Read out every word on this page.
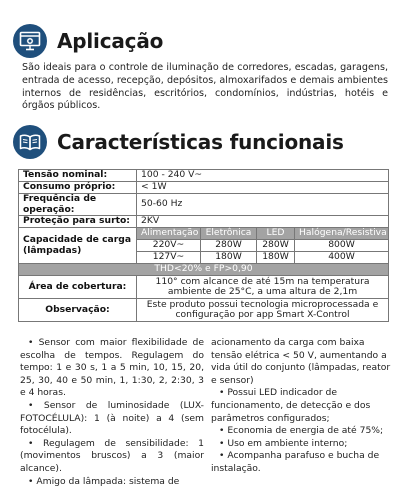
Aplicação

São ideais para o controle de iluminação de corredores, escadas, garagens, entrada de acesso, recepção, depósitos, almoxarifados e demais ambientes internos de residências, escritórios, condomínios, indústrias, hotéis e órgãos públicos.

Características funcionais
Tensão nominal:	100 - 240 V~			
Consumo próprio:	< 1W			
Frequência de operação:	50-60 Hz			
Proteção para surto:	2KV			
Capacidade de carga (lâmpadas)	Alimentação	Eletrônica	LED	Halógena/Resistiva
	220V~	280W	280W	800W
	127V~	180W	180W	400W
THD<20% e FP>0,90				
Área de cobertura:	110° com alcance de até 15m na temperatura ambiente de 25°C, a uma altura de 2,1m			
Observação:	Este produto possui tecnologia microprocessada e configuração por app Smart X-Control			

• Sensor com maior flexibilidade de escolha de tempos. Regulagem do tempo: 1 e 30 s, 1 a 5 min, 10, 15, 20, 25, 30, 40 e 50 min, 1, 1:30, 2, 2:30, 3 e 4 horas.

• Sensor de luminosidade (LUX-FOTOCÉLULA): 1 (à noite) a 4 (sem fotocélula).

• Regulagem de sensibilidade: 1 (movimentos bruscos) a 3 (maior alcance).

• Amigo da lâmpada: sistema de

acionamento da carga com baixa tensão elétrica < 50 V, aumentando a vida útil do conjunto (lâmpadas, reator e sensor)

• Possui LED indicador de funcionamento, de detecção e dos parâmetros configurados;

• Economia de energia de até 75%;

• Uso em ambiente interno;

• Acompanha parafuso e bucha de instalação.
